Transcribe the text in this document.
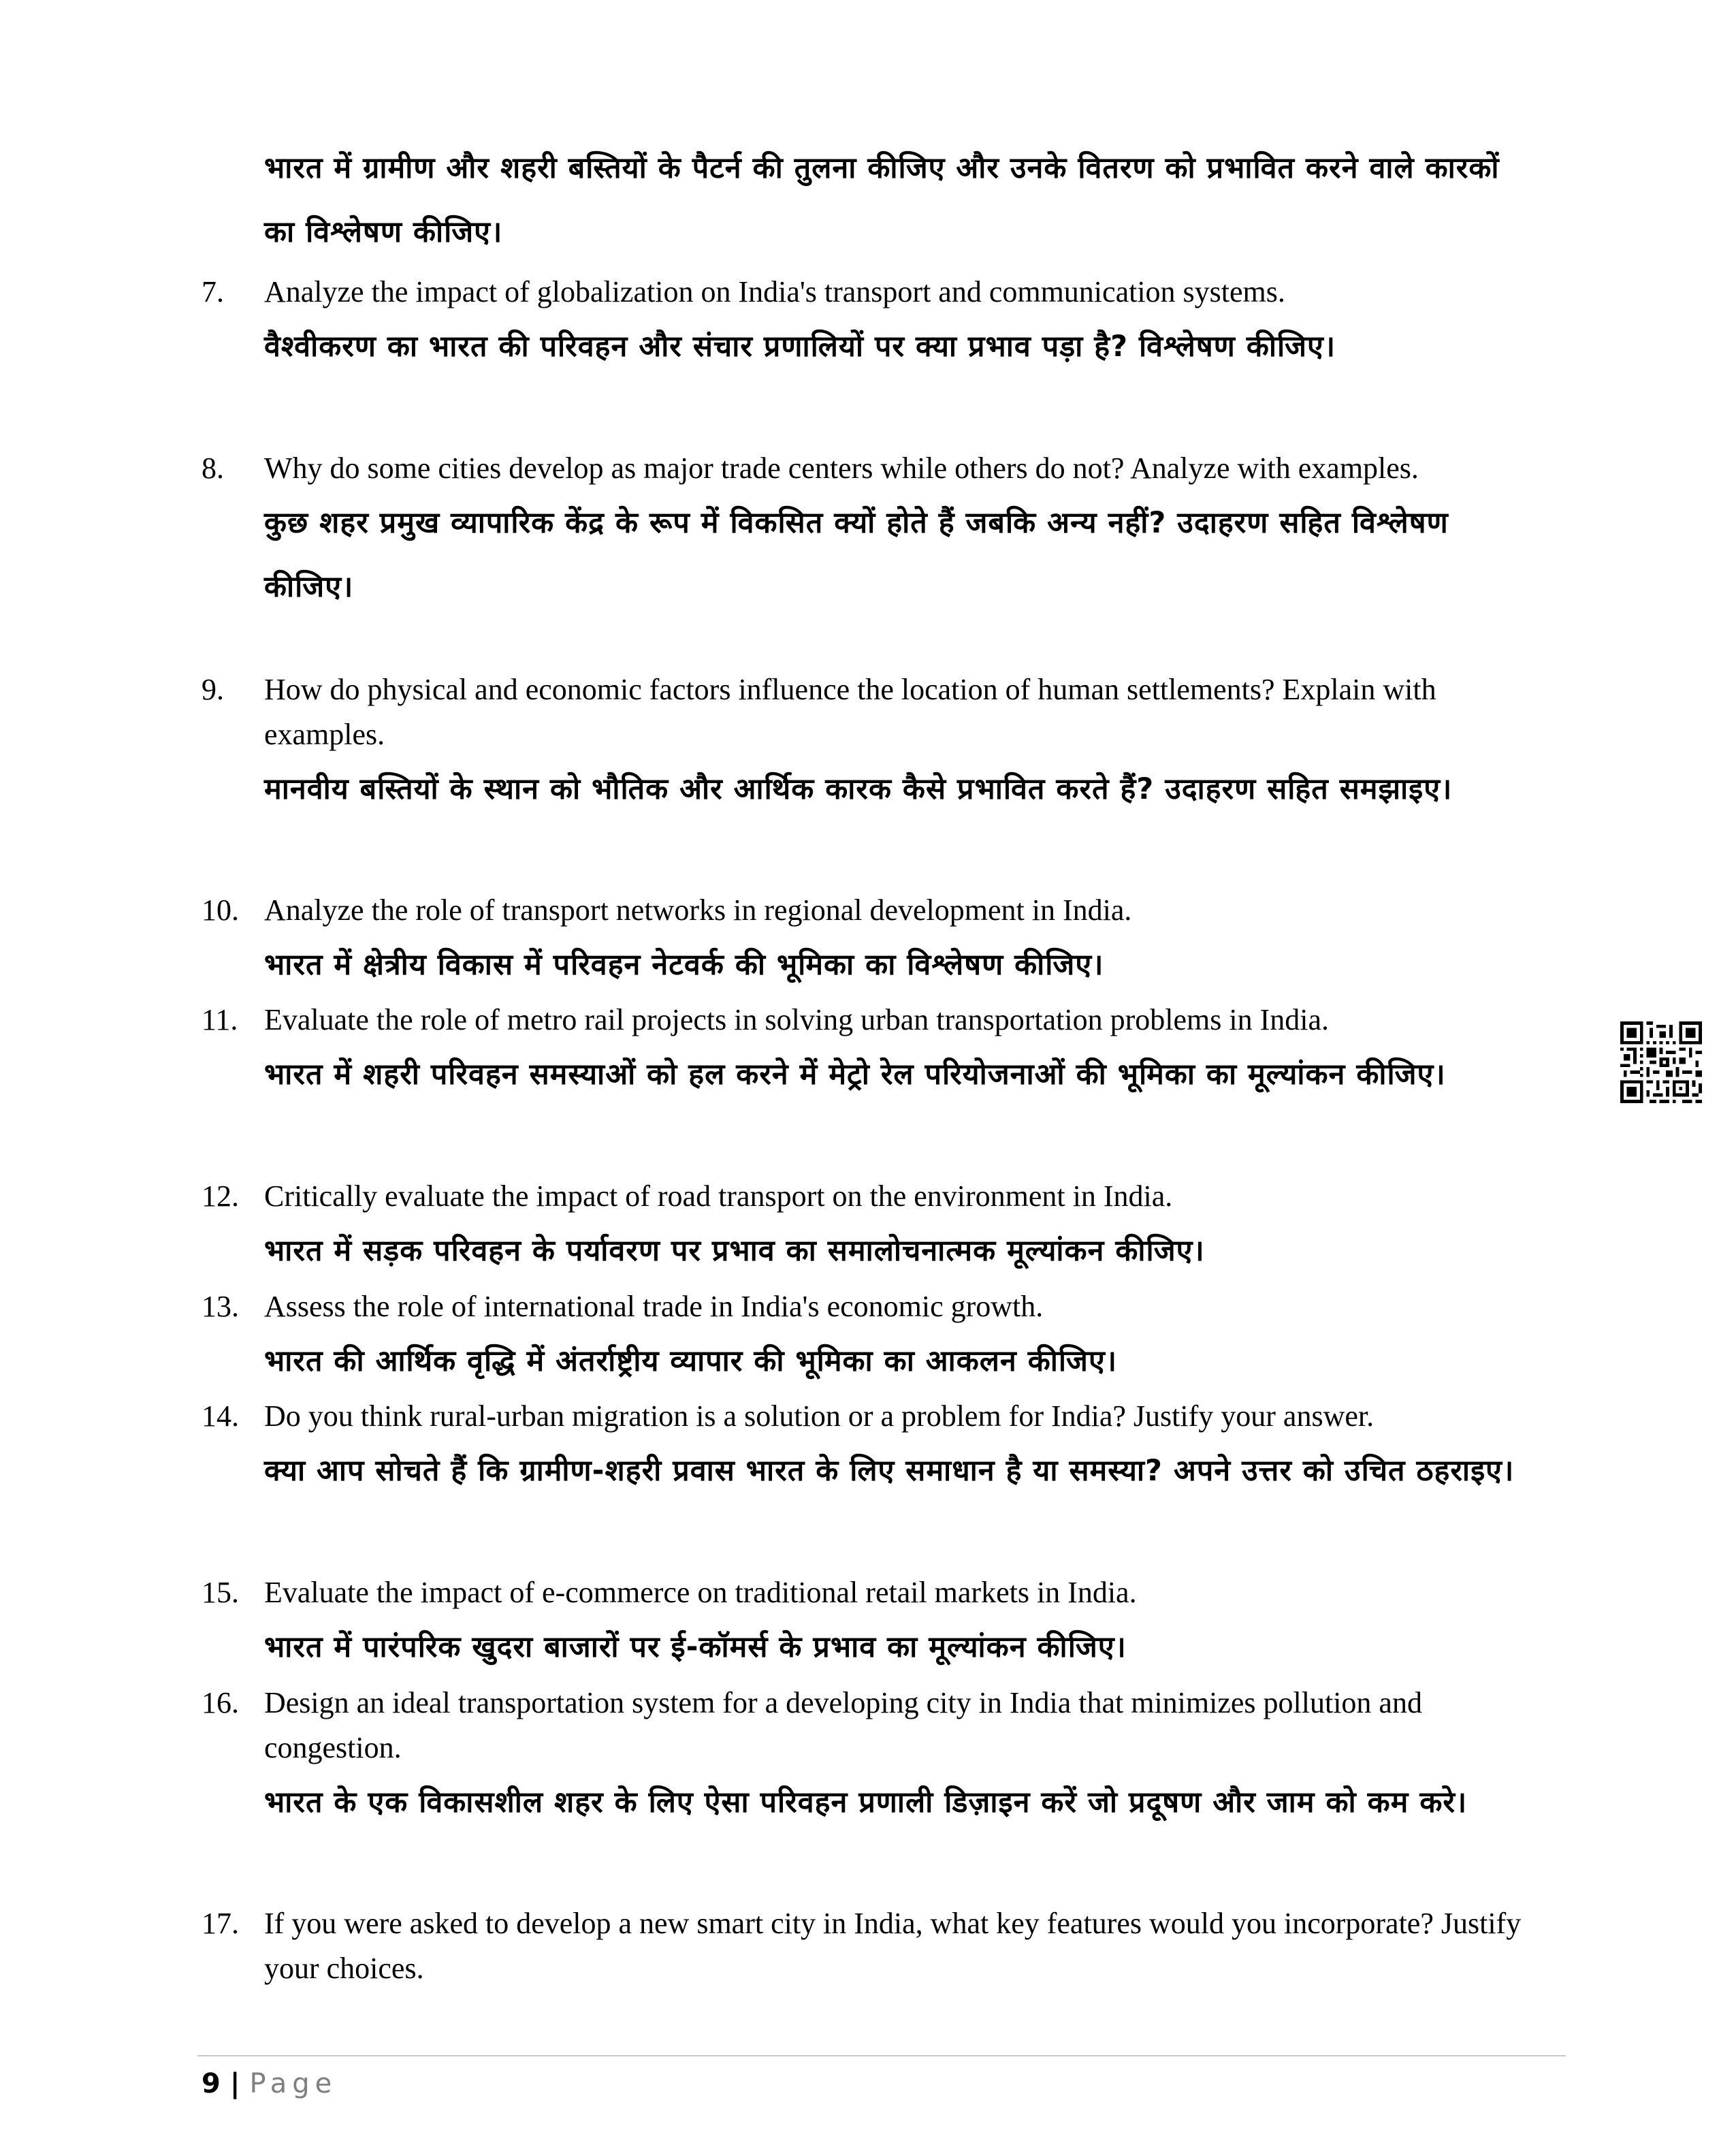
भारत में ग्रामीण और शहरी बस्तियों के पैटर्न की तुलना कीजिए और उनके वितरण को प्रभावित करने वाले कारकों का विश्लेषण कीजिए।

7.	Analyze the impact of globalization on India's transport and communication systems.

वैश्वीकरण का भारत की परिवहन और संचार प्रणालियों पर क्या प्रभाव पड़ा है? विश्लेषण कीजिए।

8.	Why do some cities develop as major trade centers while others do not? Analyze with examples.

कुछ शहर प्रमुख व्यापारिक केंद्र के रूप में विकसित क्यों होते हैं जबकि अन्य नहीं? उदाहरण सहित विश्लेषण कीजिए।

9.	How do physical and economic factors influence the location of human settlements? Explain with examples.

मानवीय बस्तियों के स्थान को भौतिक और आर्थिक कारक कैसे प्रभावित करते हैं? उदाहरण सहित समझाइए।

10. Analyze the role of transport networks in regional development in India.

भारत में क्षेत्रीय विकास में परिवहन नेटवर्क की भूमिका का विश्लेषण कीजिए।

11. Evaluate the role of metro rail projects in solving urban transportation problems in India.

भारत में शहरी परिवहन समस्याओं को हल करने में मेट्रो रेल परियोजनाओं की भूमिका का मूल्यांकन कीजिए।

12. Critically evaluate the impact of road transport on the environment in India.

भारत में सड़क परिवहन के पर्यावरण पर प्रभाव का समालोचनात्मक मूल्यांकन कीजिए।

13. Assess the role of international trade in India's economic growth.

भारत की आर्थिक वृद्धि में अंतर्राष्ट्रीय व्यापार की भूमिका का आकलन कीजिए।

14. Do you think rural-urban migration is a solution or a problem for India? Justify your answer.

क्या आप सोचते हैं कि ग्रामीण-शहरी प्रवास भारत के लिए समाधान है या समस्या? अपने उत्तर को उचित ठहराइए।

15. Evaluate the impact of e-commerce on traditional retail markets in India.

भारत में पारंपरिक खुदरा बाजारों पर ई-कॉमर्स के प्रभाव का मूल्यांकन कीजिए।

16. Design an ideal transportation system for a developing city in India that minimizes pollution and congestion.

भारत के एक विकासशील शहर के लिए ऐसा परिवहन प्रणाली डिज़ाइन करें जो प्रदूषण और जाम को कम करे।

17. If you were asked to develop a new smart city in India, what key features would you incorporate? Justify your choices.

9 | Page
